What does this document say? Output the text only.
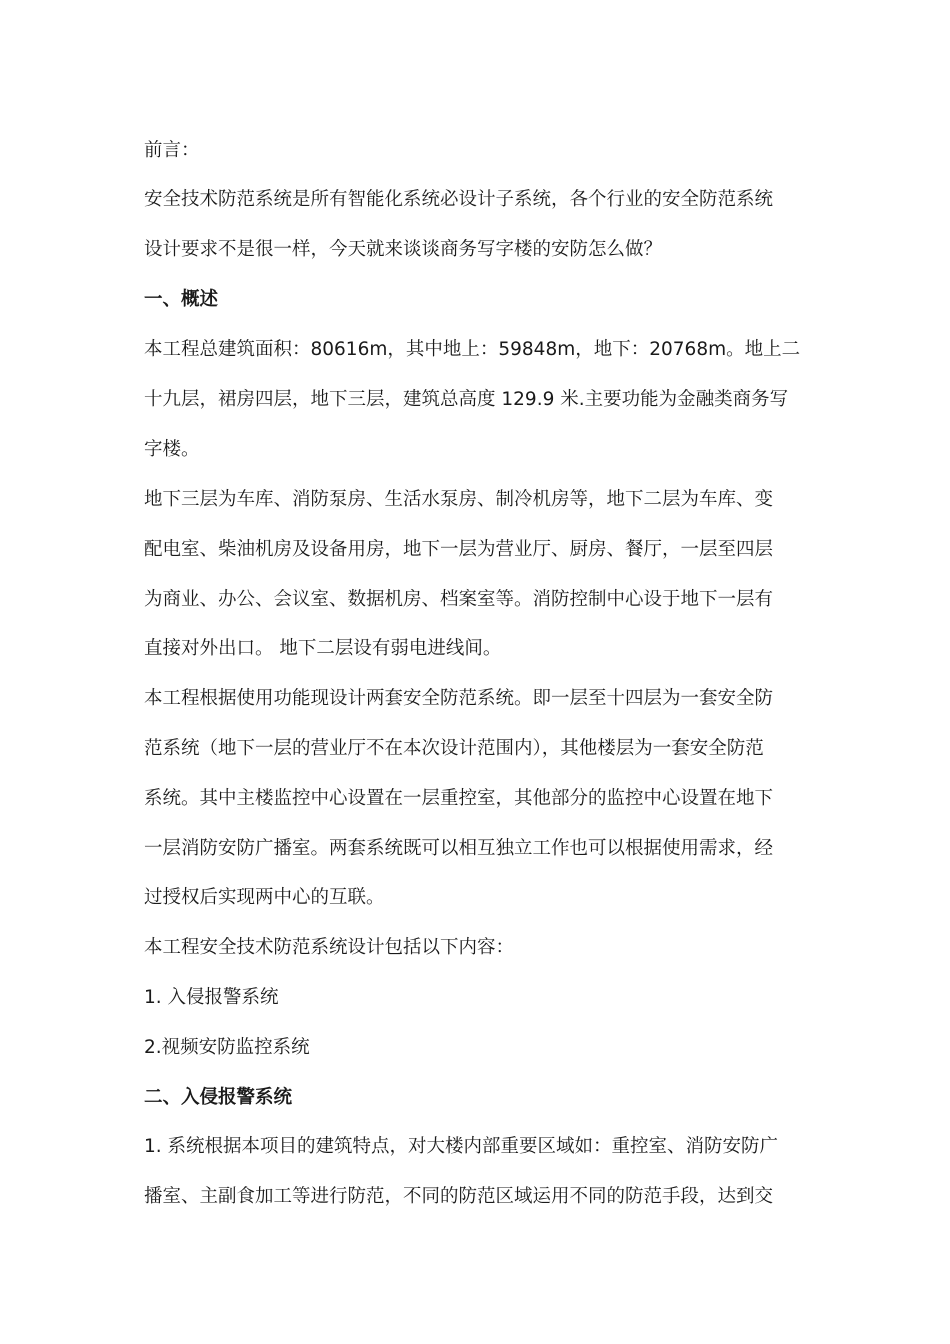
前言：
安全技术防范系统是所有智能化系统必设计子系统，各个行业的安全防范系统
设计要求不是很一样，今天就来谈谈商务写字楼的安防怎么做？
一、概述
本工程总建筑面积：80616m，其中地上：59848m，地下：20768m。地上二
十九层，裙房四层，地下三层，建筑总高度 129.9 米.主要功能为金融类商务写
字楼。
地下三层为车库、消防泵房、生活水泵房、制冷机房等，地下二层为车库、变
配电室、柴油机房及设备用房，地下一层为营业厅、厨房、餐厅，一层至四层
为商业、办公、会议室、数据机房、档案室等。消防控制中心设于地下一层有
直接对外出口。 地下二层设有弱电进线间。
本工程根据使用功能现设计两套安全防范系统。即一层至十四层为一套安全防
范系统（地下一层的营业厅不在本次设计范围内），其他楼层为一套安全防范
系统。其中主楼监控中心设置在一层重控室，其他部分的监控中心设置在地下
一层消防安防广播室。两套系统既可以相互独立工作也可以根据使用需求，经
过授权后实现两中心的互联。
本工程安全技术防范系统设计包括以下内容：
1. 入侵报警系统
2.视频安防监控系统
二、入侵报警系统
1. 系统根据本项目的建筑特点，对大楼内部重要区域如：重控室、消防安防广
播室、主副食加工等进行防范，不同的防范区域运用不同的防范手段，达到交
